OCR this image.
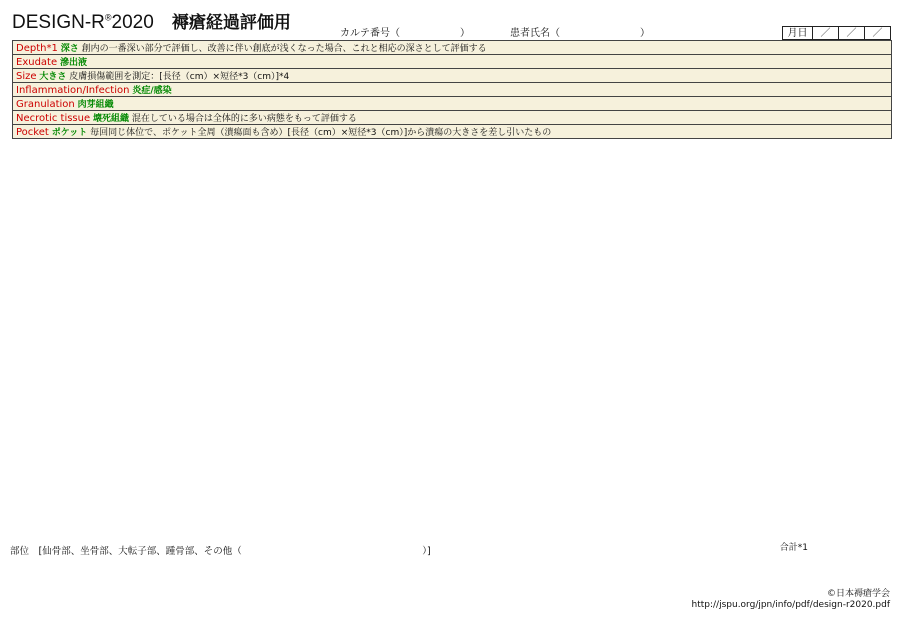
DESIGN-R®2020 褥瘡経過評価用
カルテ番号（　　　　　　）	患者氏名（　　　　　　　　）	月日	／	／	／
Depth*1 深さ 創内の一番深い部分で評価し、改善に伴い創底が浅くなった場合、これと相応の深さとして評価する
Exudate 滲出液
Size 大きさ 皮膚損傷範囲を測定：[長径（cm）×短径*3（cm）]*4
Inflammation/Infection 炎症/感染
Granulation 肉芽組織
Necrotic tissue 壊死組織 混在している場合は全体的に多い病態をもって評価する
Pocket ポケット 毎回同じ体位で、ポケット全周（潰瘍面も含め）[長径（cm）×短径*3（cm）]から潰瘍の大きさを差し引いたもの
部位　[仙骨部、坐骨部、大転子部、踵骨部、その他（　　　　　　　　　　　　　　　　　　　）]	合計*1
©日本褥瘡学会
http://jspu.org/jpn/info/pdf/design-r2020.pdf
